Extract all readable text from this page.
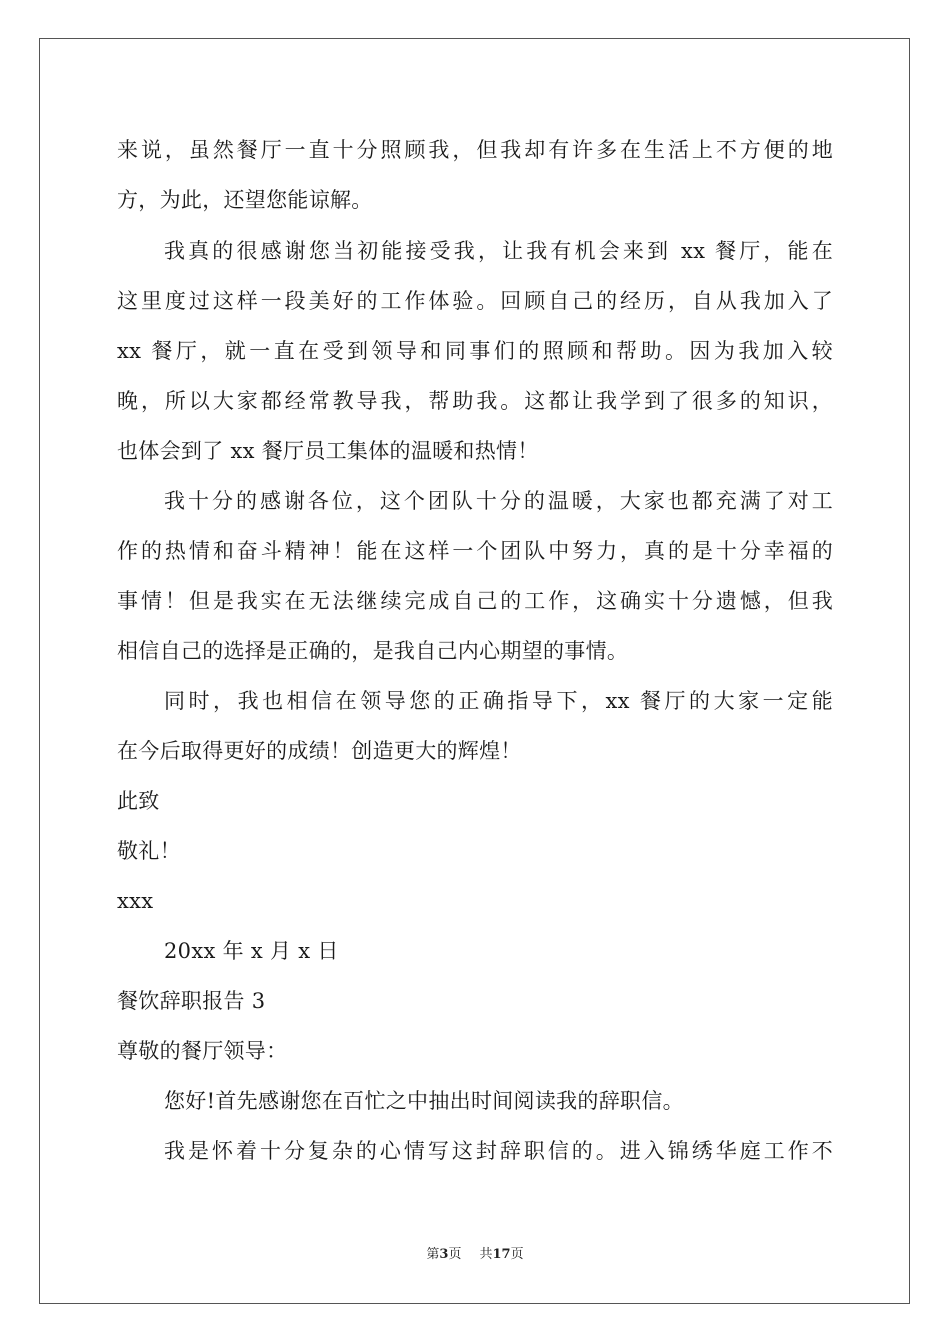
来说，虽然餐厅一直十分照顾我，但我却有许多在生活上不方便的地
方，为此，还望您能谅解。
我真的很感谢您当初能接受我，让我有机会来到 xx 餐厅，能在
这里度过这样一段美好的工作体验。回顾自己的经历，自从我加入了
xx 餐厅，就一直在受到领导和同事们的照顾和帮助。因为我加入较
晚，所以大家都经常教导我，帮助我。这都让我学到了很多的知识，
也体会到了 xx 餐厅员工集体的温暖和热情！
我十分的感谢各位，这个团队十分的温暖，大家也都充满了对工
作的热情和奋斗精神！能在这样一个团队中努力，真的是十分幸福的
事情！但是我实在无法继续完成自己的工作，这确实十分遗憾，但我
相信自己的选择是正确的，是我自己内心期望的事情。
同时，我也相信在领导您的正确指导下，xx 餐厅的大家一定能
在今后取得更好的成绩！创造更大的辉煌！
此致
敬礼！
xxx
20xx 年 x 月 x 日
餐饮辞职报告 3
尊敬的餐厅领导：
您好!首先感谢您在百忙之中抽出时间阅读我的辞职信。
我是怀着十分复杂的心情写这封辞职信的。进入锦绣华庭工作不
第3页 共17页
